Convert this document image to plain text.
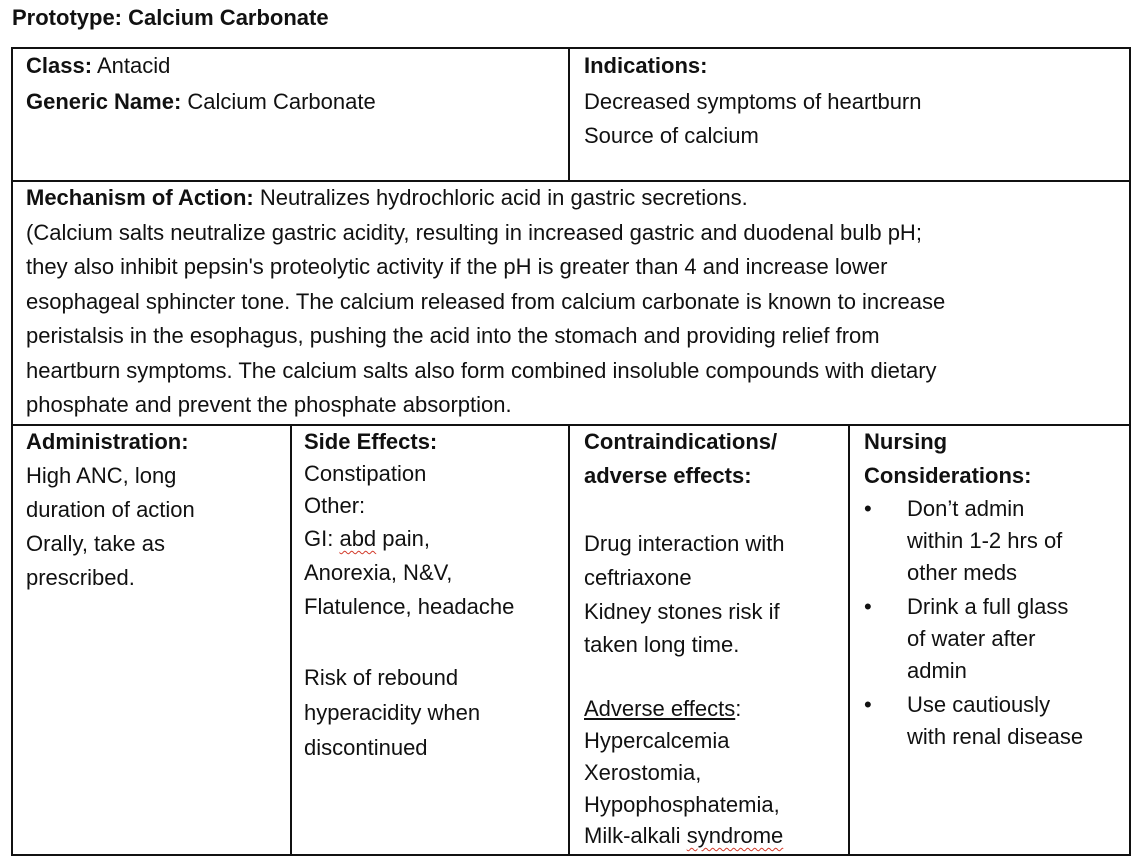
Prototype: Calcium Carbonate
Class: Antacid
Generic Name: Calcium Carbonate
Indications:
Decreased symptoms of heartburn
Source of calcium
Mechanism of Action: Neutralizes hydrochloric acid in gastric secretions.
(Calcium salts neutralize gastric acidity, resulting in increased gastric and duodenal bulb pH;
they also inhibit pepsin's proteolytic activity if the pH is greater than 4 and increase lower
esophageal sphincter tone. The calcium released from calcium carbonate is known to increase
peristalsis in the esophagus, pushing the acid into the stomach and providing relief from
heartburn symptoms. The calcium salts also form combined insoluble compounds with dietary
phosphate and prevent the phosphate absorption.
Administration:
High ANC, long
duration of action
Orally, take as
prescribed.
Side Effects:
Constipation
Other:
GI: abd pain,
Anorexia, N&V,
Flatulence, headache
Risk of rebound
hyperacidity when
discontinued
Contraindications/
adverse effects:
Drug interaction with
ceftriaxone
Kidney stones risk if
taken long time.
Adverse effects:
Hypercalcemia
Xerostomia,
Hypophosphatemia,
Milk-alkali syndrome
Nursing
Considerations:
• Don’t admin
within 1-2 hrs of
other meds
• Drink a full glass
of water after
admin
• Use cautiously
with renal disease
